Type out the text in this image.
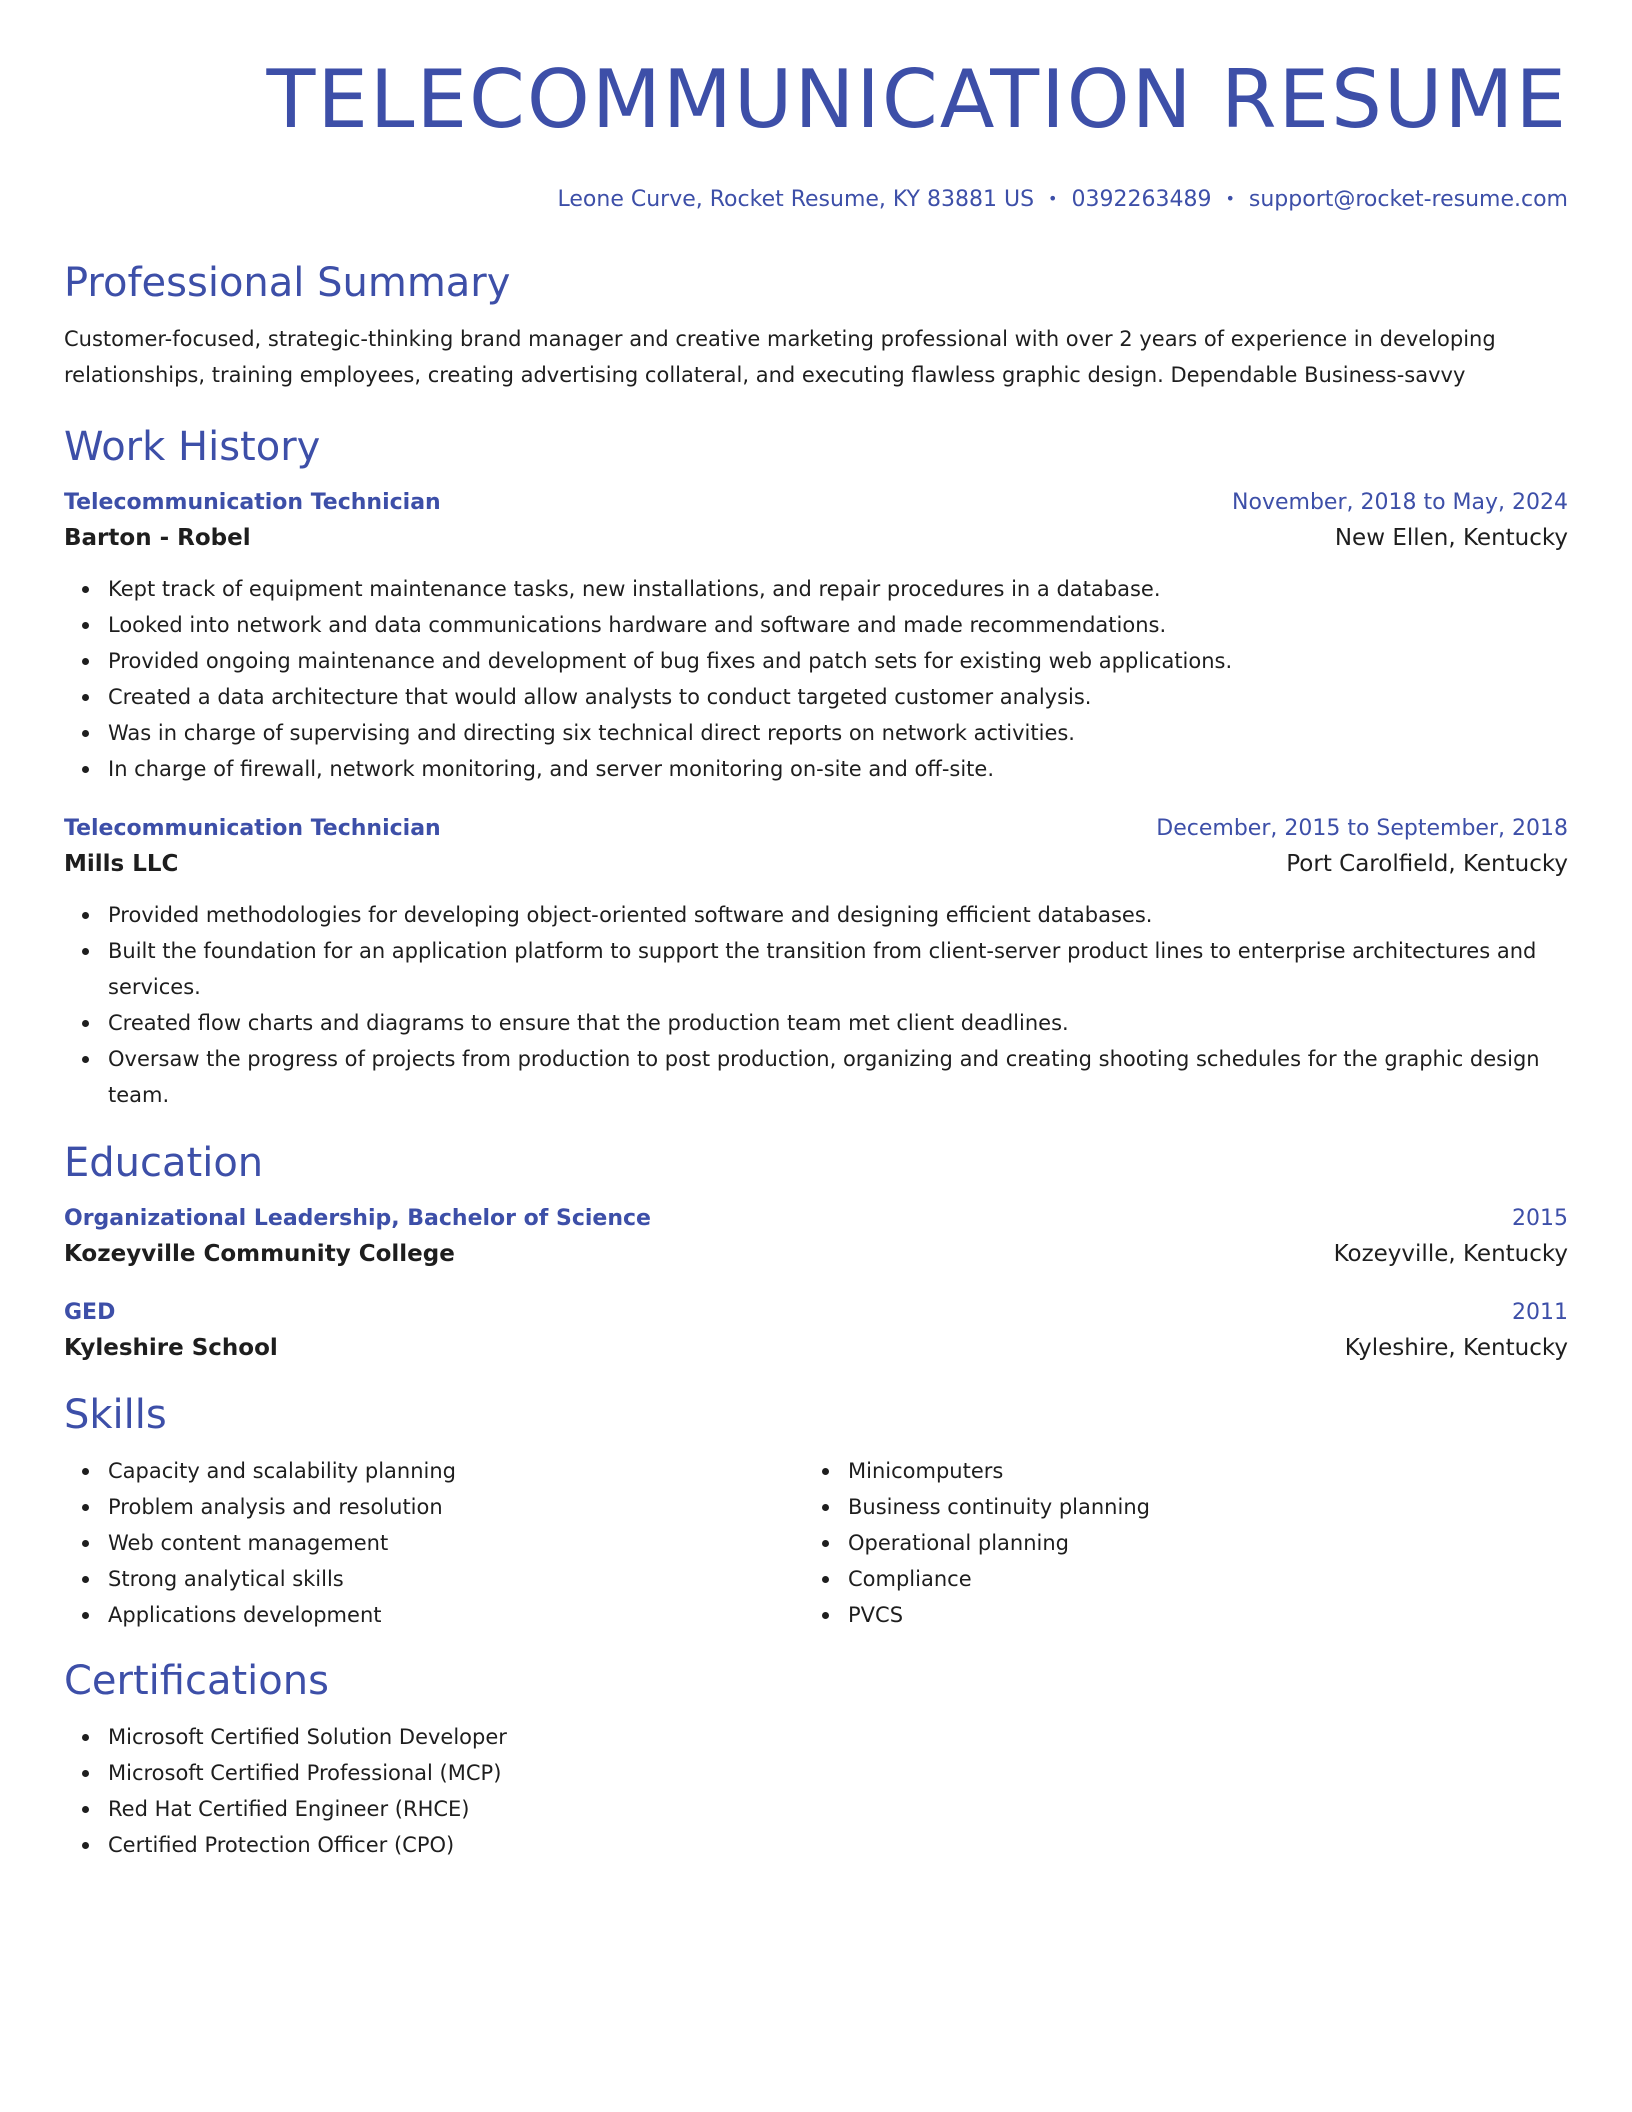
TELECOMMUNICATION RESUME
Leone Curve, Rocket Resume, KY 83881 US • 0392263489 • support@rocket-resume.com
Professional Summary
Customer-focused, strategic-thinking brand manager and creative marketing professional with over 2 years of experience in developing relationships, training employees, creating advertising collateral, and executing flawless graphic design. Dependable Business-savvy
Work History
Telecommunication Technician	November, 2018 to May, 2024
Barton - Robel	New Ellen, Kentucky
Kept track of equipment maintenance tasks, new installations, and repair procedures in a database.
Looked into network and data communications hardware and software and made recommendations.
Provided ongoing maintenance and development of bug fixes and patch sets for existing web applications.
Created a data architecture that would allow analysts to conduct targeted customer analysis.
Was in charge of supervising and directing six technical direct reports on network activities.
In charge of firewall, network monitoring, and server monitoring on-site and off-site.
Telecommunication Technician	December, 2015 to September, 2018
Mills LLC	Port Carolfield, Kentucky
Provided methodologies for developing object-oriented software and designing efficient databases.
Built the foundation for an application platform to support the transition from client-server product lines to enterprise architectures and services.
Created flow charts and diagrams to ensure that the production team met client deadlines.
Oversaw the progress of projects from production to post production, organizing and creating shooting schedules for the graphic design team.
Education
Organizational Leadership, Bachelor of Science	2015
Kozeyville Community College	Kozeyville, Kentucky
GED	2011
Kyleshire School	Kyleshire, Kentucky
Skills
Capacity and scalability planning
Problem analysis and resolution
Web content management
Strong analytical skills
Applications development
Minicomputers
Business continuity planning
Operational planning
Compliance
PVCS
Certifications
Microsoft Certified Solution Developer
Microsoft Certified Professional (MCP)
Red Hat Certified Engineer (RHCE)
Certified Protection Officer (CPO)
